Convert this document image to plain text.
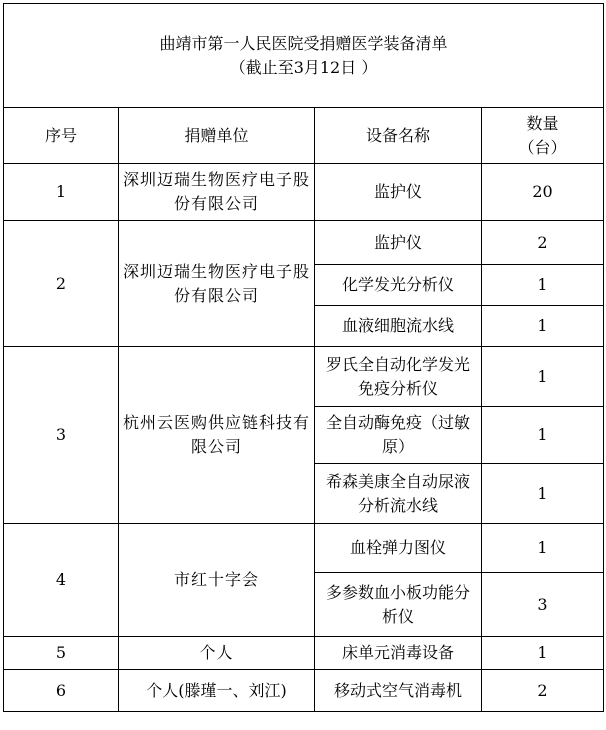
曲靖市第一人民医院受捐赠医学装备清单
（截止至3月12日 ）			

序号	捐赠单位	设备名称	数量
（台）
1	深圳迈瑞生物医疗电子股份有限公司	监护仪	20
2	深圳迈瑞生物医疗电子股份有限公司	监护仪	2
		化学发光分析仪	1
		血液细胞流水线	1
3	杭州云医购供应链科技有限公司	罗氏全自动化学发光免疫分析仪	1
		全自动酶免疫（过敏原）	1
		希森美康全自动尿液分析流水线	1
4	市红十字会	血栓弹力图仪	1
		多参数血小板功能分析仪	3
5	个人	床单元消毒设备	1
6	个人(滕瑾一、刘江)	移动式空气消毒机	2
